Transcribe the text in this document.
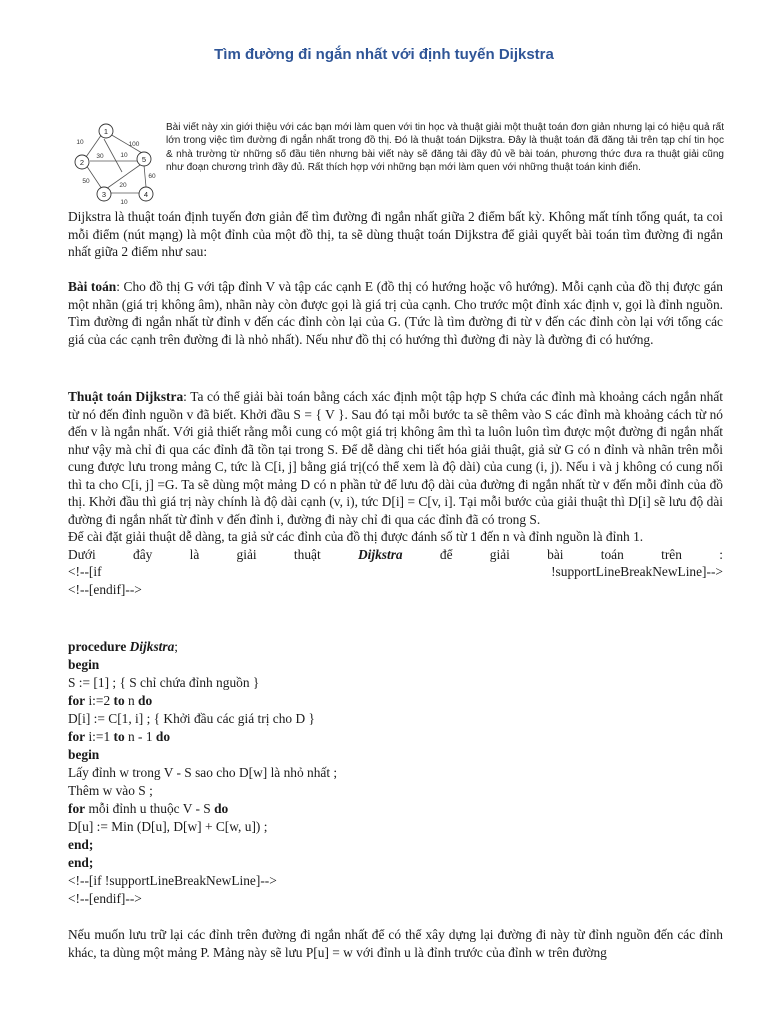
Tìm đường đi ngắn nhất với định tuyến Dijkstra
1
2
3	4
5
10	100
30	10
60
50
20
10
Bài viết này xin giới thiệu với các bạn mới làm quen với tin học và thuật giải một thuật toán đơn giản nhưng lại có hiệu quả rất lớn trong việc tìm đường đi ngắn nhất trong đồ thị. Đó là thuật toán Dijkstra. Đây là thuật toán đã đăng tải trên tạp chí tin học & nhà trường từ những số đầu tiên nhưng bài viết này sẽ đăng tải đầy đủ về bài toán, phương thức đưa ra thuật giải cũng như đoạn chương trình đầy đủ. Rất thích hợp với những bạn mới làm quen với những thuật toán kinh điển.
Dijkstra là thuật toán định tuyến đơn giản để tìm đường đi ngắn nhất giữa 2 điểm bất kỳ. Không mất tính tổng quát, ta coi mỗi điểm (nút mạng) là một đỉnh của một đồ thị, ta sẽ dùng thuật toán Dijkstra để giải quyết bài toán tìm đường đi ngắn nhất giữa 2 điểm như sau:
Bài toán: Cho đồ thị G với tập đỉnh V và tập các cạnh E (đồ thị có hướng hoặc vô hướng). Mỗi cạnh của đồ thị được gán một nhãn (giá trị không âm), nhãn này còn được gọi là giá trị của cạnh. Cho trước một đỉnh xác định v, gọi là đỉnh nguồn. Tìm đường đi ngắn nhất từ đỉnh v đến các đỉnh còn lại của G. (Tức là tìm đường đi từ v đến các đỉnh còn lại với tổng các giá của các cạnh trên đường đi là nhỏ nhất). Nếu như đồ thị có hướng thì đường đi này là đường đi có hướng.
Thuật toán Dijkstra: Ta có thể giải bài toán bằng cách xác định một tập hợp S chứa các đỉnh mà khoảng cách ngắn nhất từ nó đến đỉnh nguồn v đã biết. Khởi đầu S = { V }. Sau đó tại mỗi bước ta sẽ thêm vào S các đỉnh mà khoảng cách từ nó đến v là ngắn nhất. Với giả thiết rằng mỗi cung có một giá trị không âm thì ta luôn luôn tìm được một đường đi ngắn nhất như vậy mà chỉ đi qua các đỉnh đã tồn tại trong S. Để dễ dàng chi tiết hóa giải thuật, giả sử G có n đỉnh và nhãn trên mỗi cung được lưu trong mảng C, tức là C[i, j] bằng giá trị(có thể xem là độ dài) của cung (i, j). Nếu i và j không có cung nối thì ta cho C[i, j] =G. Ta sẽ dùng một mảng D có n phần tử để lưu độ dài của đường đi ngắn nhất từ v đến mỗi đỉnh của đồ thị. Khởi đầu thì giá trị này chính là độ dài cạnh (v, i), tức D[i] = C[v, i]. Tại mỗi bước của giải thuật thì D[i] sẽ lưu độ dài đường đi ngắn nhất từ đỉnh v đến đỉnh i, đường đi này chỉ đi qua các đỉnh đã có trong S.
Để cài đặt giải thuật dễ dàng, ta giả sử các đỉnh của đồ thị được đánh số từ 1 đến n và đỉnh nguồn là đỉnh 1.
Dưới	đây	là	giải	thuật	Dijkstra	để	giải	bài	toán	trên	:
<!--[if	!supportLineBreakNewLine]-->
<!--[endif]-->
procedure Dijkstra;
begin
S := [1] ; { S chỉ chứa đỉnh nguồn }
for i:=2 to n do
D[i] := C[1, i] ; { Khởi đầu các giá trị cho D }
for i:=1 to n - 1 do
begin
Lấy đỉnh w trong V - S sao cho D[w] là nhỏ nhất ;
Thêm w vào S ;
for mỗi đỉnh u thuộc V - S do
D[u] := Min (D[u], D[w] + C[w, u]) ;
end;
end;
<!--[if !supportLineBreakNewLine]-->
<!--[endif]-->
Nếu muốn lưu trữ lại các đỉnh trên đường đi ngắn nhất để có thể xây dựng lại đường đi này từ đỉnh nguồn đến các đỉnh khác, ta dùng một mảng P. Mảng này sẽ lưu P[u] = w với đỉnh u là đỉnh trước của đỉnh w trên đường
